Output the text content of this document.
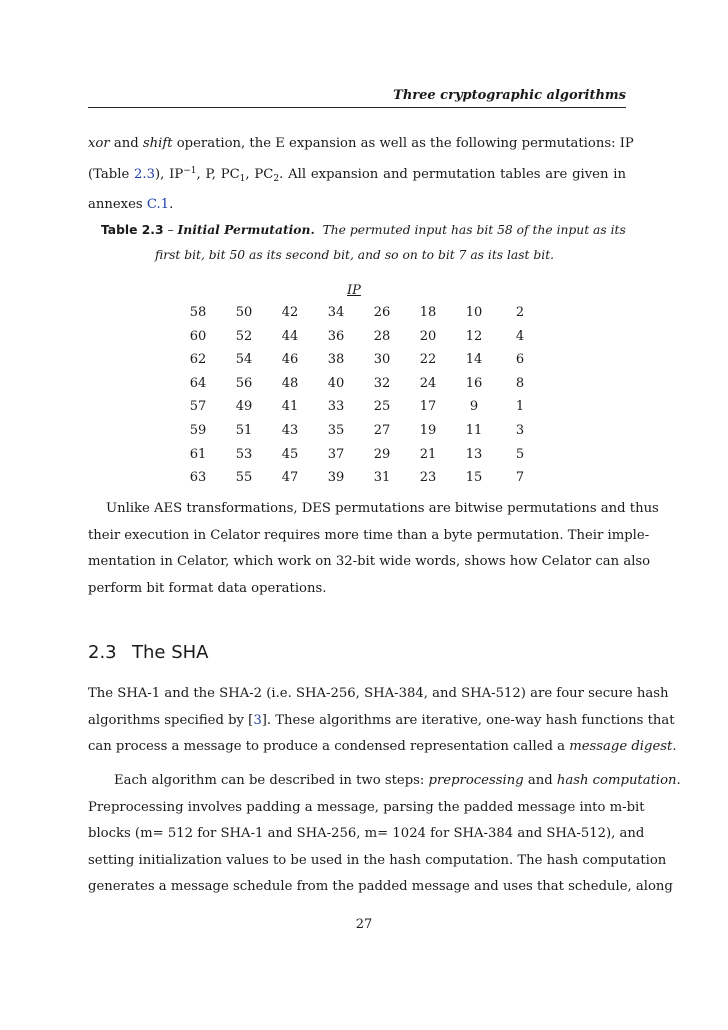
Three cryptographic algorithms
xor and shift operation, the E expansion as well as the following permutations: IP
(Table 2.3), $IP^{-1}$, P, $PC_1$, $PC_2$. All expansion and permutation tables are given in
annexes C.1.
Table 2.3 – Initial Permutation. The permuted input has bit 58 of the input as its
first bit, bit 50 as its second bit, and so on to bit 7 as its last bit.
IP
58	50	42	34	26	18	10	2
60	52	44	36	28	20	12	4
62	54	46	38	30	22	14	6
64	56	48	40	32	24	16	8
57	49	41	33	25	17	9	1
59	51	43	35	27	19	11	3
61	53	45	37	29	21	13	5
63	55	47	39	31	23	15	7
Unlike AES transformations, DES permutations are bitwise permutations and thus
their execution in Celator requires more time than a byte permutation. Their imple-
mentation in Celator, which work on 32-bit wide words, shows how Celator can also
perform bit format data operations.
2.3 The SHA
The SHA-1 and the SHA-2 (i.e. SHA-256, SHA-384, and SHA-512) are four secure hash
algorithms specified by [3]. These algorithms are iterative, one-way hash functions that
can process a message to produce a condensed representation called a message digest.
Each algorithm can be described in two steps: preprocessing and hash computation.
Preprocessing involves padding a message, parsing the padded message into m-bit
blocks (m= 512 for SHA-1 and SHA-256, m= 1024 for SHA-384 and SHA-512), and
setting initialization values to be used in the hash computation. The hash computation
generates a message schedule from the padded message and uses that schedule, along
27
